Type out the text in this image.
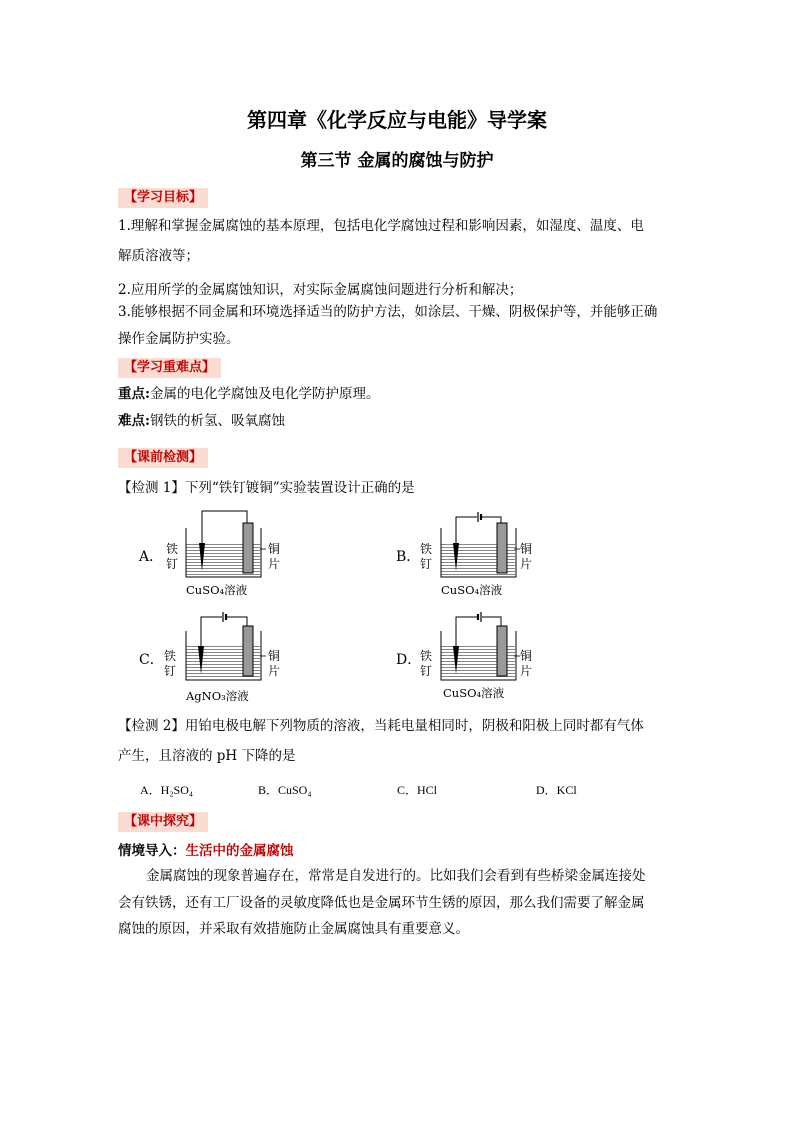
第四章《化学反应与电能》导学案
第三节 金属的腐蚀与防护
【学习目标】
1.理解和掌握金属腐蚀的基本原理，包括电化学腐蚀过程和影响因素，如湿度、温度、电
解质溶液等；
2.应用所学的金属腐蚀知识，对实际金属腐蚀问题进行分析和解决；
3.能够根据不同金属和环境选择适当的防护方法，如涂层、干燥、阴极保护等，并能够正确
操作金属防护实验。
【学习重难点】
重点:金属的电化学腐蚀及电化学防护原理。
难点:钢铁的析氢、吸氧腐蚀
【课前检测】
【检测 1】下列“铁钉镀铜”实验装置设计正确的是
A． 铁
钉
铜
片
CuSO₄溶液
B． 铁
钉
铜
片
CuSO₄溶液
C． 铁
钉
铜
片
AgNO₃溶液
D．
铁
钉
铜
片
CuSO₄溶液
【检测 2】用铂电极电解下列物质的溶液，当耗电量相同时，阴极和阳极上同时都有气体
产生，且溶液的 pH 下降的是
A．H₂SO₄	B．CuSO₄	C．HCl	D．KCl
【课中探究】
情境导入：生活中的金属腐蚀
金属腐蚀的现象普遍存在，常常是自发进行的。比如我们会看到有些桥梁金属连接处
会有铁锈，还有工厂设备的灵敏度降低也是金属环节生锈的原因，那么我们需要了解金属
腐蚀的原因，并采取有效措施防止金属腐蚀具有重要意义。
